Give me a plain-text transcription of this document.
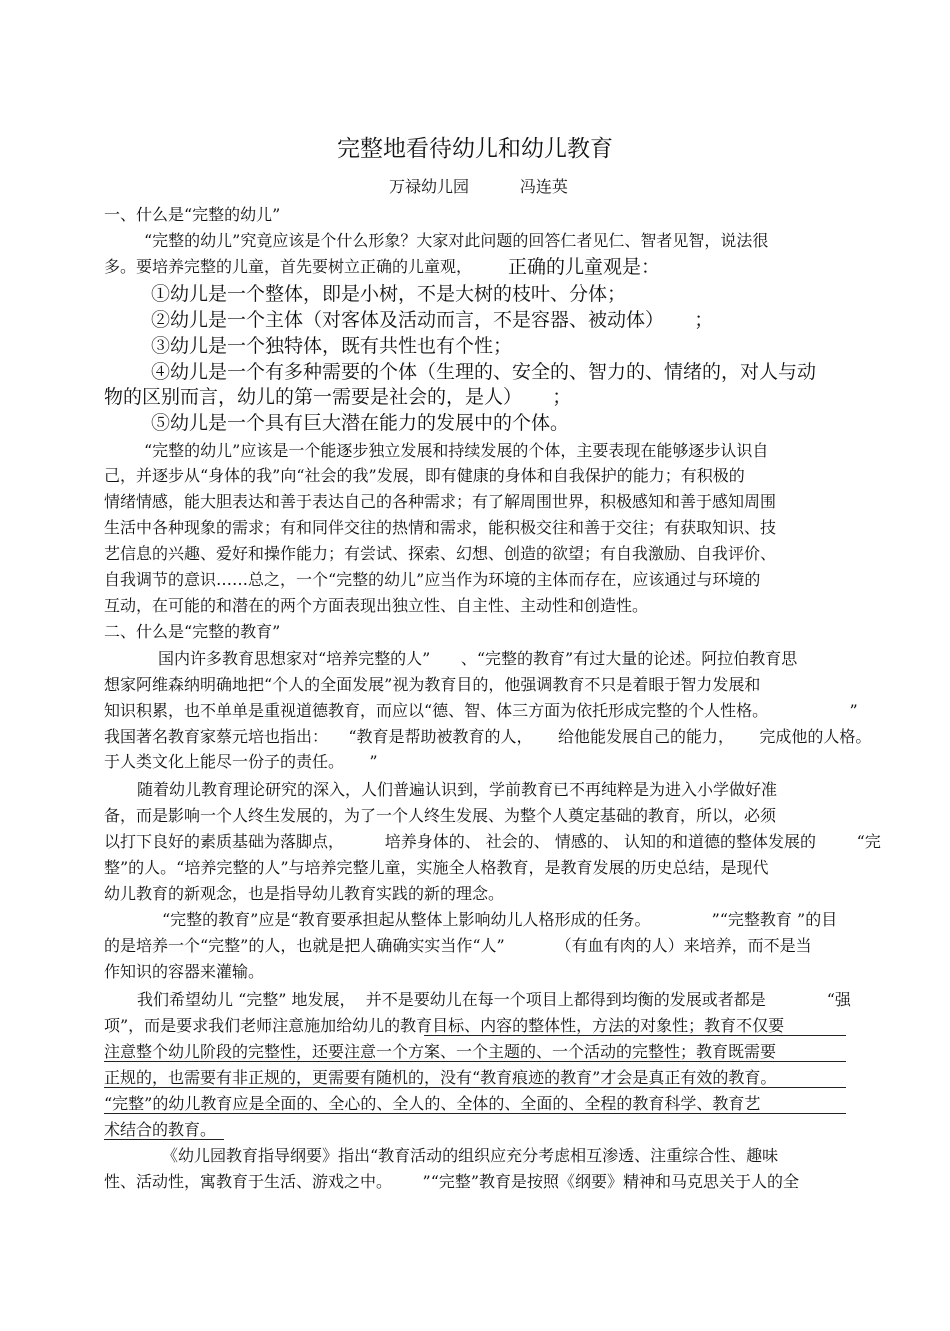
完整地看待幼儿和幼儿教育
万禄幼儿园          冯连英
一、什么是“完整的幼儿”
“完整的幼儿”究竟应该是个什么形象？大家对此问题的回答仁者见仁、智者见智，说法很
多。要培养完整的儿童，首先要树立正确的儿童观， 正确的儿童观是：
①幼儿是一个整体，即是小树，不是大树的枝叶、分体；
②幼儿是一个主体（对客体及活动而言，不是容器、被动体）     ；
③幼儿是一个独特体，既有共性也有个性；
④幼儿是一个有多种需要的个体（生理的、安全的、智力的、情绪的，对人与动
物的区别而言，幼儿的第一需要是社会的，是人）     ；
⑤幼儿是一个具有巨大潜在能力的发展中的个体。
“完整的幼儿”应该是一个能逐步独立发展和持续发展的个体，主要表现在能够逐步认识自
己，并逐步从“身体的我”向“社会的我”发展，即有健康的身体和自我保护的能力；有积极的
情绪情感，能大胆表达和善于表达自己的各种需求；有了解周围世界，积极感知和善于感知周围
生活中各种现象的需求；有和同伴交往的热情和需求，能积极交往和善于交往；有获取知识、技
艺信息的兴趣、爱好和操作能力；有尝试、探索、幻想、创造的欲望；有自我激励、自我评价、
自我调节的意识……总之，一个“完整的幼儿”应当作为环境的主体而存在，应该通过与环境的
互动，在可能的和潜在的两个方面表现出独立性、自主性、主动性和创造性。
二、什么是“完整的教育”
国内许多教育思想家对“培养完整的人”      、“完整的教育”有过大量的论述。阿拉伯教育思
想家阿维森纳明确地把“个人的全面发展”视为教育目的，他强调教育不只是着眼于智力发展和
知识积累，也不单单是重视道德教育，而应以“德、智、体三方面为依托形成完整的个人性格。                ”
我国著名教育家蔡元培也指出：    “教育是帮助被教育的人，     给他能发展自己的能力，     完成他的人格。
于人类文化上能尽一份子的责任。     ”
随着幼儿教育理论研究的深入，人们普遍认识到，学前教育已不再纯粹是为进入小学做好准
备，而是影响一个人终生发展的，为了一个人终生发展、为整个人奠定基础的教育，所以，必须
以打下良好的素质基础为落脚点，        培养身体的、 社会的、 情感的、 认知的和道德的整体发展的        “完
整”的人。“培养完整的人”与培养完整儿童，实施全人格教育，是教育发展的历史总结，是现代
幼儿教育的新观念，也是指导幼儿教育实践的新的理念。
“完整的教育”应是“教育要承担起从整体上影响幼儿人格形成的任务。            ”“完整教育 ”的目
的是培养一个“完整”的人，也就是把人确确实实当作“人”          （有血有肉的人）来培养，而不是当
作知识的容器来灌输。
我们希望幼儿 “完整” 地发展，  并不是要幼儿在每一个项目上都得到均衡的发展或者都是            “强
项”，而是要求我们老师注意施加给幼儿的教育目标、内容的整体性，方法的对象性；教育不仅要
注意整个幼儿阶段的完整性，还要注意一个方案、一个主题的、一个活动的完整性；教育既需要
正规的，也需要有非正规的，更需要有随机的，没有“教育痕迹的教育”才会是真正有效的教育。
“完整”的幼儿教育应是全面的、全心的、全人的、全体的、全面的、全程的教育科学、教育艺
术结合的教育。
《幼儿园教育指导纲要》指出“教育活动的组织应充分考虑相互渗透、注重综合性、趣味
性、活动性，寓教育于生活、游戏之中。      ”“完整”教育是按照《纲要》精神和马克思关于人的全
